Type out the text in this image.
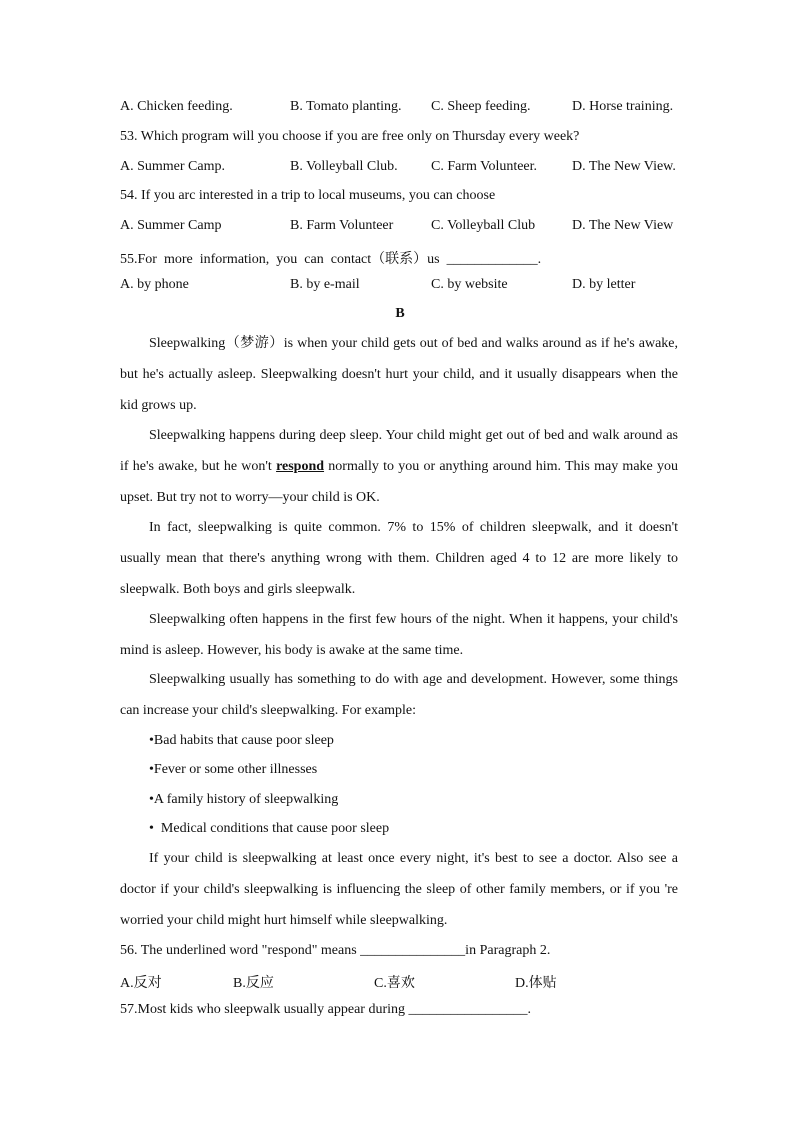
A. Chicken feeding.	B. Tomato planting. C. Sheep feeding.	D. Horse training.
53. Which program will you choose if you are free only on Thursday every week?
A. Summer Camp.	B. Volleyball Club. C. Farm Volunteer. D. The New View.
54. If you arc interested in a trip to local museums, you can choose
A. Summer Camp	B. Farm Volunteer	C. Volleyball Club	D. The New View
55.For  more  information,  you  can  contact（联系）us  _____________.
A. by phone	B. by e-mail	C. by website	D. by letter
B
Sleepwalking（梦游）is when your child gets out of bed and walks around as if he's awake, but he's actually asleep. Sleepwalking doesn't hurt your child, and it usually disappears when the kid grows up.
Sleepwalking happens during deep sleep. Your child might get out of bed and walk around as if he's awake, but he won't respond normally to you or anything around him. This may make you upset. But try not to worry—your child is OK.
In fact, sleepwalking is quite common. 7% to 15% of children sleepwalk, and it doesn't usually mean that there's anything wrong with them. Children aged 4 to 12 are more likely to sleepwalk. Both boys and girls sleepwalk.
Sleepwalking often happens in the first few hours of the night. When it happens, your child's mind is asleep. However, his body is awake at the same time.
Sleepwalking usually has something to do with age and development. However, some things can increase your child's sleepwalking. For example:
•Bad habits that cause poor sleep
•Fever or some other illnesses
•A family history of sleepwalking
•  Medical conditions that cause poor sleep
If your child is sleepwalking at least once every night, it's best to see a doctor. Also see a doctor if your child's sleepwalking is influencing the sleep of other family members, or if you 're worried your child might hurt himself while sleepwalking.
56. The underlined word "respond" means _______________in Paragraph 2.
A.反对	B.反应	C.喜欢	D.体贴
57.Most kids who sleepwalk usually appear during _________________.
